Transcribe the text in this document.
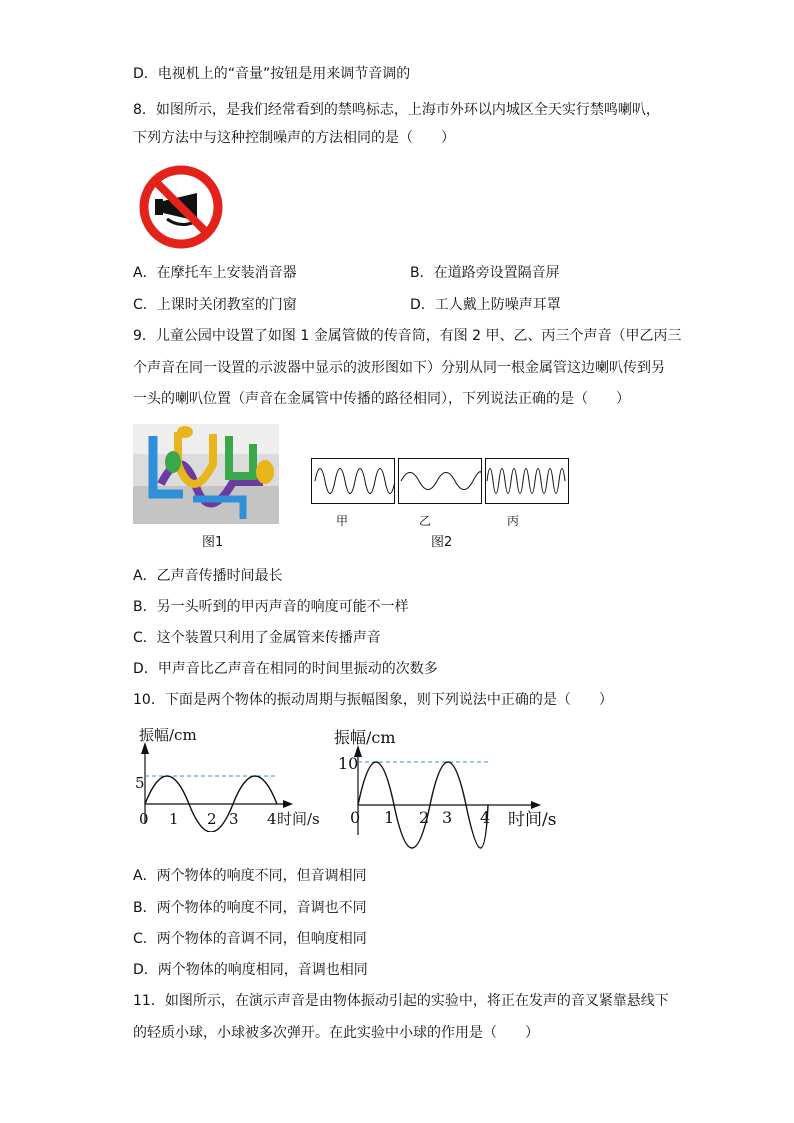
D．电视机上的“音量”按钮是用来调节音调的
8．如图所示，是我们经常看到的禁鸣标志，上海市外环以内城区全天实行禁鸣喇叭，
下列方法中与这种控制噪声的方法相同的是（　　）
A．在摩托车上安装消音器	B．在道路旁设置隔音屏
C．上课时关闭教室的门窗	D．工人戴上防噪声耳罩
9．儿童公园中设置了如图 1 金属管做的传音筒，有图 2 甲、乙、丙三个声音（甲乙丙三
个声音在同一设置的示波器中显示的波形图如下）分别从同一根金属管这边喇叭传到另
一头的喇叭位置（声音在金属管中传播的路径相同），下列说法正确的是（　　）
甲	乙	丙
图1	图2
A．乙声音传播时间最长
B．另一头听到的甲丙声音的响度可能不一样
C．这个装置只利用了金属管来传播声音
D．甲声音比乙声音在相同的时间里振动的次数多
10．下面是两个物体的振动周期与振幅图象，则下列说法中正确的是（　　）
振幅/cm
5
0 1 2 3 4 时间/s
振幅/cm
10
0 1 2 3 4 时间/s
A．两个物体的响度不同，但音调相同
B．两个物体的响度不同，音调也不同
C．两个物体的音调不同，但响度相同
D．两个物体的响度相同，音调也相同
11．如图所示，在演示声音是由物体振动引起的实验中，将正在发声的音叉紧靠悬线下
的轻质小球，小球被多次弹开。在此实验中小球的作用是（　　）
